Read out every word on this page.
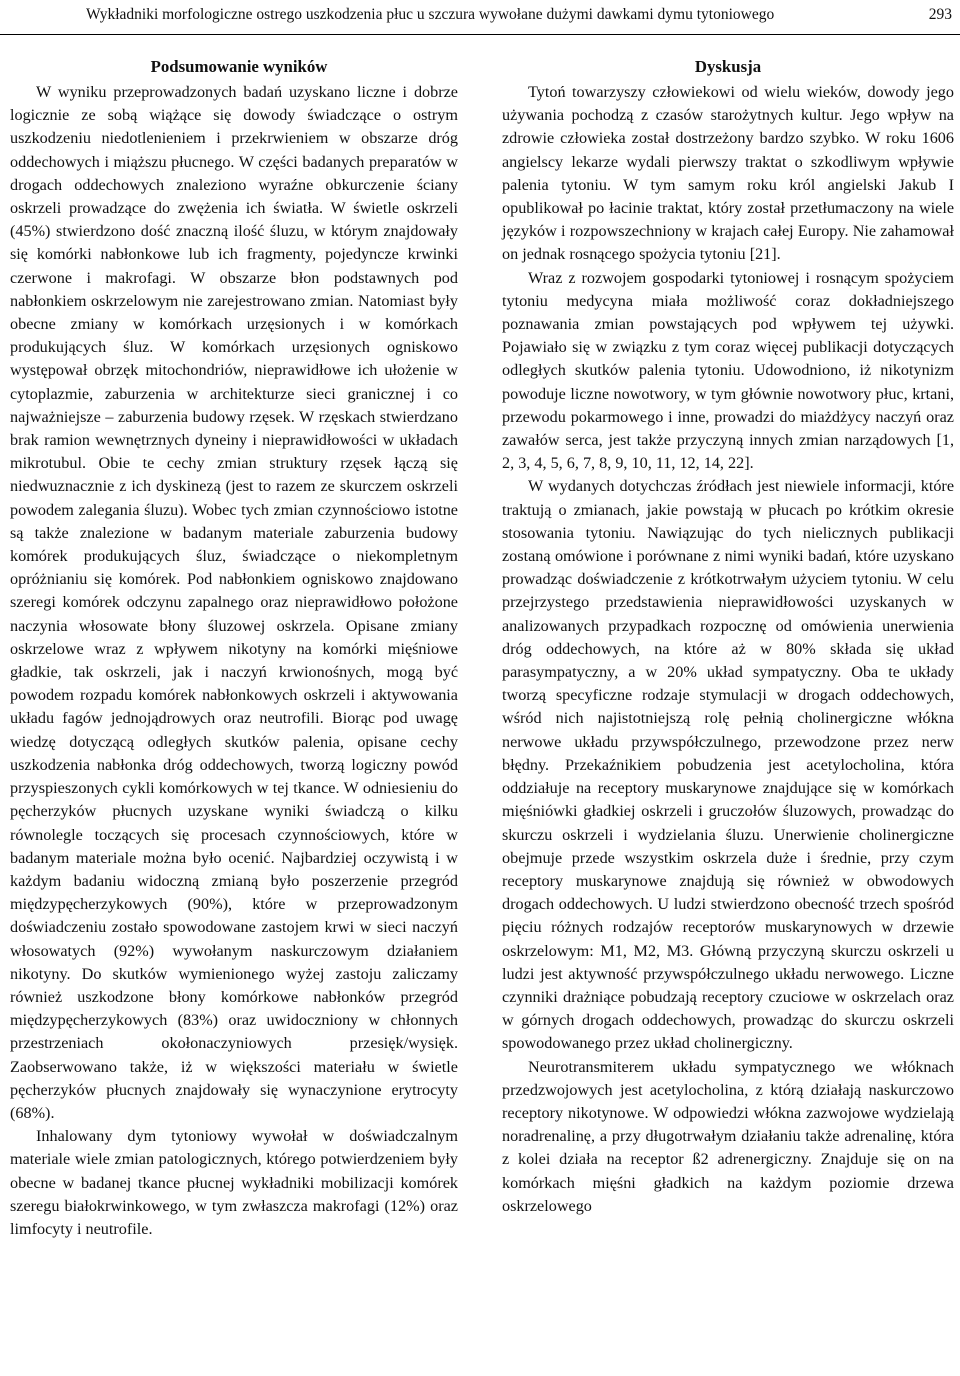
Wykładniki morfologiczne ostrego uszkodzenia płuc u szczura wywołane dużymi dawkami dymu tytoniowego	293
Podsumowanie wyników

W wyniku przeprowadzonych badań uzyskano liczne i dobrze logicznie ze sobą wiążące się dowody świadczące o ostrym uszkodzeniu niedotlenieniem i przekrwieniem w obszarze dróg oddechowych i miąższu płucnego. W części badanych preparatów w drogach oddechowych znaleziono wyraźne obkurczenie ściany oskrzeli prowadzące do zwężenia ich światła. W świetle oskrzeli (45%) stwierdzono dość znaczną ilość śluzu, w którym znajdowały się komórki nabłonkowe lub ich fragmenty, pojedyncze krwinki czerwone i makrofagi. W obszarze błon podstawnych pod nabłonkiem oskrzelowym nie zarejestrowano zmian. Natomiast były obecne zmiany w komórkach urzęsionych i w komórkach produkujących śluz. W komórkach urzęsionych ogniskowo występował obrzęk mitochondriów, nieprawidłowe ich ułożenie w cytoplazmie, zaburzenia w architekturze sieci granicznej i co najważniejsze – zaburzenia budowy rzęsek. W rzęskach stwierdzano brak ramion wewnętrznych dyneiny i nieprawidłowości w układach mikrotubul. Obie te cechy zmian struktury rzęsek łączą się niedwuznacznie z ich dyskinezą (jest to razem ze skurczem oskrzeli powodem zalegania śluzu). Wobec tych zmian czynnościowo istotne są także znalezione w badanym materiale zaburzenia budowy komórek produkujących śluz, świadczące o niekompletnym opróżnianiu się komórek. Pod nabłonkiem ogniskowo znajdowano szeregi komórek odczynu zapalnego oraz nieprawidłowo położone naczynia włosowate błony śluzowej oskrzela. Opisane zmiany oskrzelowe wraz z wpływem nikotyny na komórki mięśniowe gładkie, tak oskrzeli, jak i naczyń krwionośnych, mogą być powodem rozpadu komórek nabłonkowych oskrzeli i aktywowania układu fagów jednojądrowych oraz neutrofili. Biorąc pod uwagę wiedzę dotyczącą odległych skutków palenia, opisane cechy uszkodzenia nabłonka dróg oddechowych, tworzą logiczny powód przyspieszonych cykli komórkowych w tej tkance. W odniesieniu do pęcherzyków płucnych uzyskane wyniki świadczą o kilku równolegle toczących się procesach czynnościowych, które w badanym materiale można było ocenić. Najbardziej oczywistą i w każdym badaniu widoczną zmianą było poszerzenie przegród międzypęcherzykowych (90%), które w przeprowadzonym doświadczeniu zostało spowodowane zastojem krwi w sieci naczyń włosowatych (92%) wywołanym naskurczowym działaniem nikotyny. Do skutków wymienionego wyżej zastoju zaliczamy również uszkodzone błony komórkowe nabłonków przegród międzypęcherzykowych (83%) oraz uwidoczniony w chłonnych przestrzeniach okołonaczyniowych przesięk/wysięk. Zaobserwowano także, iż w większości materiału w świetle pęcherzyków płucnych znajdowały się wynaczynione erytrocyty (68%).

Inhalowany dym tytoniowy wywołał w doświadczalnym materiale wiele zmian patologicznych, którego potwierdzeniem były obecne w badanej tkance płucnej wykładniki mobilizacji komórek szeregu białokrwinkowego, w tym zwłaszcza makrofagi (12%) oraz limfocyty i neutrofile.

Dyskusja

Tytoń towarzyszy człowiekowi od wielu wieków, dowody jego używania pochodzą z czasów starożytnych kultur. Jego wpływ na zdrowie człowieka został dostrzeżony bardzo szybko. W roku 1606 angielscy lekarze wydali pierwszy traktat o szkodliwym wpływie palenia tytoniu. W tym samym roku król angielski Jakub I opublikował po łacinie traktat, który został przetłumaczony na wiele języków i rozpowszechniony w krajach całej Europy. Nie zahamował on jednak rosnącego spożycia tytoniu [21].

Wraz z rozwojem gospodarki tytoniowej i rosnącym spożyciem tytoniu medycyna miała możliwość coraz dokładniejszego poznawania zmian powstających pod wpływem tej używki. Pojawiało się w związku z tym coraz więcej publikacji dotyczących odległych skutków palenia tytoniu. Udowodniono, iż nikotynizm powoduje liczne nowotwory, w tym głównie nowotwory płuc, krtani, przewodu pokarmowego i inne, prowadzi do miażdżycy naczyń oraz zawałów serca, jest także przyczyną innych zmian narządowych [1, 2, 3, 4, 5, 6, 7, 8, 9, 10, 11, 12, 14, 22].

W wydanych dotychczas źródłach jest niewiele informacji, które traktują o zmianach, jakie powstają w płucach po krótkim okresie stosowania tytoniu. Nawiązując do tych nielicznych publikacji zostaną omówione i porównane z nimi wyniki badań, które uzyskano prowadząc doświadczenie z krótkotrwałym użyciem tytoniu. W celu przejrzystego przedstawienia nieprawidłowości uzyskanych w analizowanych przypadkach rozpocznę od omówienia unerwienia dróg oddechowych, na które aż w 80% składa się układ parasympatyczny, a w 20% układ sympatyczny. Oba te układy tworzą specyficzne rodzaje stymulacji w drogach oddechowych, wśród nich najistotniejszą rolę pełnią cholinergiczne włókna nerwowe układu przywspółczulnego, przewodzone przez nerw błędny. Przekaźnikiem pobudzenia jest acetylocholina, która oddziałuje na receptory muskarynowe znajdujące się w komórkach mięśniówki gładkiej oskrzeli i gruczołów śluzowych, prowadząc do skurczu oskrzeli i wydzielania śluzu. Unerwienie cholinergiczne obejmuje przede wszystkim oskrzela duże i średnie, przy czym receptory muskarynowe znajdują się również w obwodowych drogach oddechowych. U ludzi stwierdzono obecność trzech spośród pięciu różnych rodzajów receptorów muskarynowych w drzewie oskrzelowym: M1, M2, M3. Główną przyczyną skurczu oskrzeli u ludzi jest aktywność przywspółczulnego układu nerwowego. Liczne czynniki drażniące pobudzają receptory czuciowe w oskrzelach oraz w górnych drogach oddechowych, prowadząc do skurczu oskrzeli spowodowanego przez układ cholinergiczny.

Neurotransmiterem układu sympatycznego we włóknach przedzwojowych jest acetylocholina, z którą działają naskurczowo receptory nikotynowe. W odpowiedzi włókna zazwojowe wydzielają noradrenalinę, a przy długotrwałym działaniu także adrenalinę, która z kolei działa na receptor ß2 adrenergiczny. Znajduje się on na komórkach mięśni gładkich na każdym poziomie drzewa oskrzelowego
